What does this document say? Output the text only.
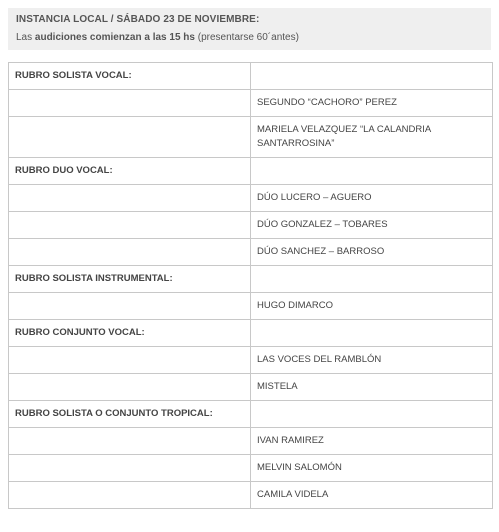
INSTANCIA LOCAL / SÁBADO 23 DE NOVIEMBRE:
Las audiciones comienzan a las 15 hs (presentarse 60´antes)
RUBRO SOLISTA VOCAL:	
	SEGUNDO “CACHORO” PEREZ
	MARIELA VELAZQUEZ “LA CALANDRIA SANTARROSINA”
RUBRO DUO VOCAL:	
	DÚO LUCERO – AGUERO
	DÚO GONZALEZ – TOBARES
	DÚO SANCHEZ – BARROSO
RUBRO SOLISTA INSTRUMENTAL:	
	HUGO DIMARCO
RUBRO CONJUNTO VOCAL:	
	LAS VOCES DEL RAMBLÓN
	MISTELA
RUBRO SOLISTA O CONJUNTO TROPICAL:	
	IVAN RAMIREZ
	MELVIN SALOMÓN
	CAMILA VIDELA
